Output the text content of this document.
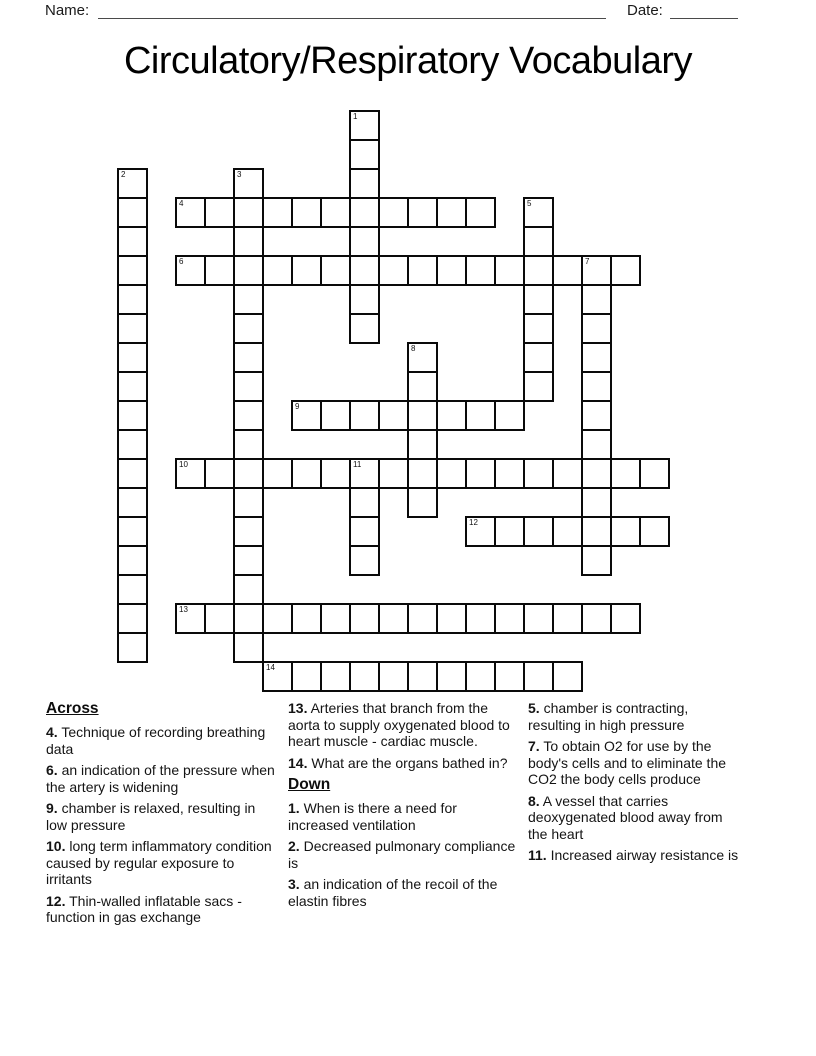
Name:	Date:
Circulatory/Respiratory Vocabulary
1
2	3
4	5
6	7
8
9
10	11
12
13
14
Across

4. Technique of recording breathing data

6. an indication of the pressure when the artery is widening

9. chamber is relaxed, resulting in low pressure

10. long term inflammatory condition caused by regular exposure to irritants

12. Thin-walled inflatable sacs - function in gas exchange

13. Arteries that branch from the aorta to supply oxygenated blood to heart muscle - cardiac muscle.

14. What are the organs bathed in?

Down

1. When is there a need for increased ventilation

2. Decreased pulmonary compliance is

3. an indication of the recoil of the elastin fibres

5. chamber is contracting, resulting in high pressure

7. To obtain O2 for use by the body's cells and to eliminate the CO2 the body cells produce

8. A vessel that carries deoxygenated blood away from the heart

11. Increased airway resistance is
